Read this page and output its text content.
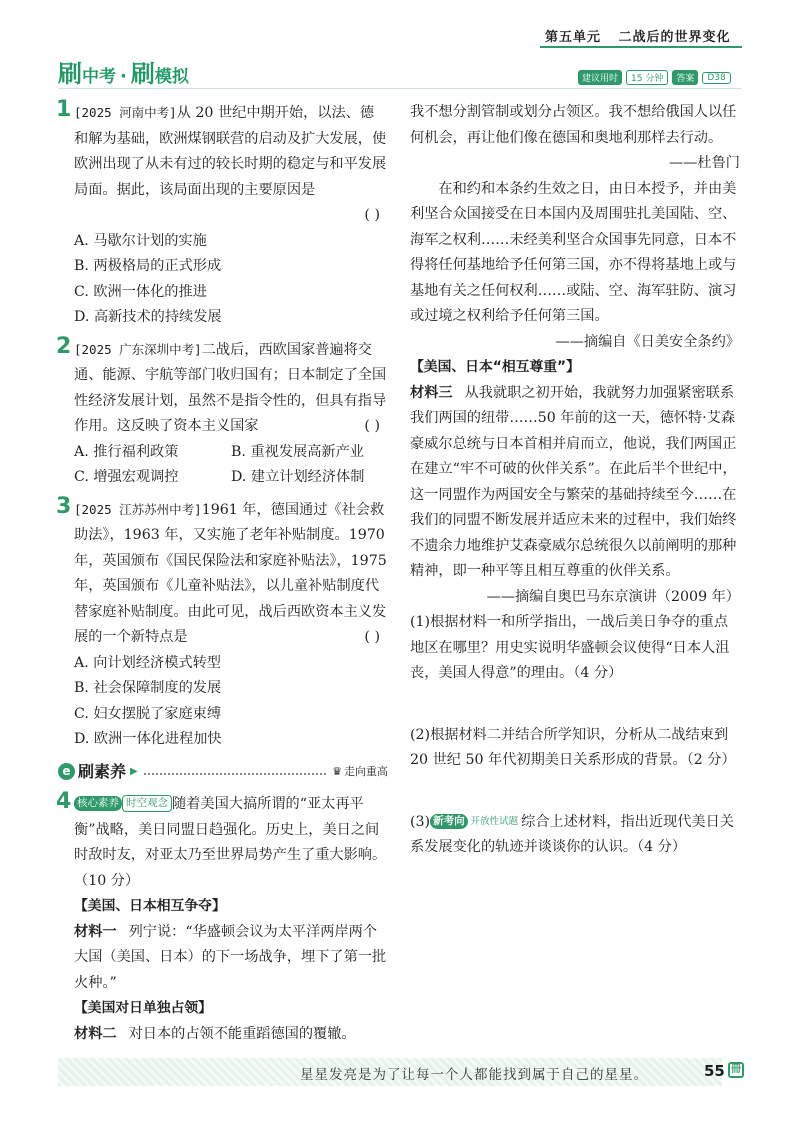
第五单元 二战后的世界变化
刷中考 · 刷模拟	建议用时	15 分钟	答案	D38
1 [2025 河南中考]从 20 世纪中期开始，以法、德和解为基础，欧洲煤钢联营的启动及扩大发展，使欧洲出现了从未有过的较长时期的稳定与和平发展局面。据此，该局面出现的主要原因是
( )
A. 马歇尔计划的实施
B. 两极格局的正式形成
C. 欧洲一体化的推进
D. 高新技术的持续发展
2 [2025 广东深圳中考]二战后，西欧国家普遍将交通、能源、宇航等部门收归国有；日本制定了全国性经济发展计划，虽然不是指令性的，但具有指导作用。这反映了资本主义国家	( )
A. 推行福利政策	B. 重视发展高新产业
C. 增强宏观调控	D. 建立计划经济体制
3 [2025 江苏苏州中考]1961 年，德国通过《社会救助法》，1963 年，又实施了老年补贴制度。1970 年，英国颁布《国民保险法和家庭补贴法》，1975 年，英国颁布《儿童补贴法》，以儿童补贴制度代替家庭补贴制度。由此可见，战后西欧资本主义发展的一个新特点是	( )
A. 向计划经济模式转型
B. 社会保障制度的发展
C. 妇女摆脱了家庭束缚
D. 欧洲一体化进程加快
e 刷素养 ▶	♛ 走向重高
4 核心素养 时空观念 随着美国大搞所谓的“亚太再平衡”战略，美日同盟日趋强化。历史上，美日之间时敌时友，对亚太乃至世界局势产生了重大影响。（10 分）
【美国、日本相互争夺】
材料一 列宁说：“华盛顿会议为太平洋两岸两个大国（美国、日本）的下一场战争，埋下了第一批火种。”
【美国对日单独占领】
材料二 对日本的占领不能重蹈德国的覆辙。
我不想分割管制或划分占领区。我不想给俄国人以任何机会，再让他们像在德国和奥地利那样去行动。
——杜鲁门
在和约和本条约生效之日，由日本授予，并由美利坚合众国接受在日本国内及周围驻扎美国陆、空、海军之权利……未经美利坚合众国事先同意，日本不得将任何基地给予任何第三国，亦不得将基地上或与基地有关之任何权利……或陆、空、海军驻防、演习或过境之权利给予任何第三国。
——摘编自《日美安全条约》
【美国、日本“相互尊重”】
材料三 从我就职之初开始，我就努力加强紧密联系我们两国的纽带……50 年前的这一天，德怀特·艾森豪威尔总统与日本首相并肩而立，他说，我们两国正在建立“牢不可破的伙伴关系”。在此后半个世纪中，这一同盟作为两国安全与繁荣的基础持续至今……在我们的同盟不断发展并适应未来的过程中，我们始终不遗余力地维护艾森豪威尔总统很久以前阐明的那种精神，即一种平等且相互尊重的伙伴关系。
——摘编自奥巴马东京演讲（2009 年）
(1)根据材料一和所学指出，一战后美日争夺的重点地区在哪里？用史实说明华盛顿会议使得“日本人沮丧，美国人得意”的理由。（4 分）
(2)根据材料二并结合所学知识，分析从二战结束到 20 世纪 50 年代初期美日关系形成的背景。（2 分）
(3) 新考向 开放性试题 综合上述材料，指出近现代美日关系发展变化的轨迹并谈谈你的认识。（4 分）
星星发亮是为了让每一个人都能找到属于自己的星星。	55 冊
